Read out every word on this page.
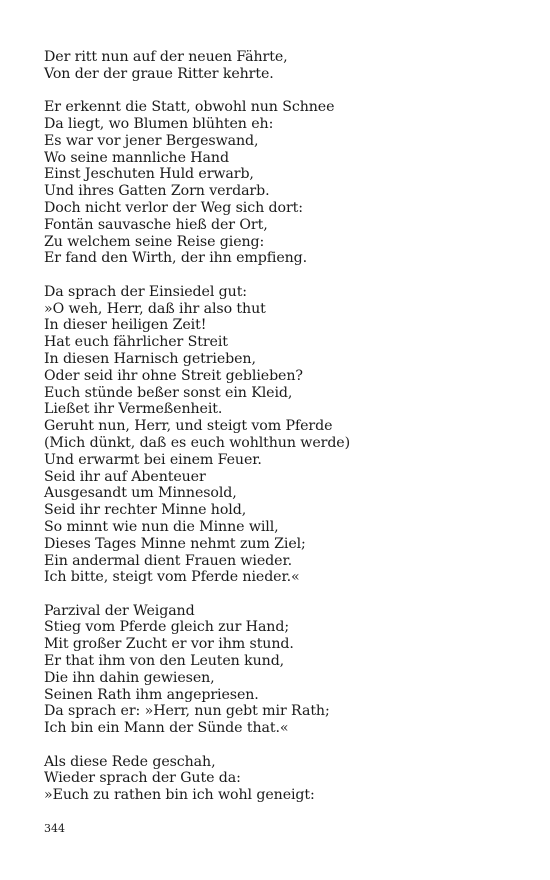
Der ritt nun auf der neuen Fährte,
Von der der graue Ritter kehrte.
Er erkennt die Statt, obwohl nun Schnee
Da liegt, wo Blumen blühten eh:
Es war vor jener Bergeswand,
Wo seine mannliche Hand
Einst Jeschuten Huld erwarb,
Und ihres Gatten Zorn verdarb.
Doch nicht verlor der Weg sich dort:
Fontän sauvasche hieß der Ort,
Zu welchem seine Reise gieng:
Er fand den Wirth, der ihn empfieng.
Da sprach der Einsiedel gut:
»O weh, Herr, daß ihr also thut
In dieser heiligen Zeit!
Hat euch fährlicher Streit
In diesen Harnisch getrieben,
Oder seid ihr ohne Streit geblieben?
Euch stünde beßer sonst ein Kleid,
Ließet ihr Vermeßenheit.
Geruht nun, Herr, und steigt vom Pferde
(Mich dünkt, daß es euch wohlthun werde)
Und erwarmt bei einem Feuer.
Seid ihr auf Abenteuer
Ausgesandt um Minnesold,
Seid ihr rechter Minne hold,
So minnt wie nun die Minne will,
Dieses Tages Minne nehmt zum Ziel;
Ein andermal dient Frauen wieder.
Ich bitte, steigt vom Pferde nieder.«
Parzival der Weigand
Stieg vom Pferde gleich zur Hand;
Mit großer Zucht er vor ihm stund.
Er that ihm von den Leuten kund,
Die ihn dahin gewiesen,
Seinen Rath ihm angepriesen.
Da sprach er: »Herr, nun gebt mir Rath;
Ich bin ein Mann der Sünde that.«
Als diese Rede geschah,
Wieder sprach der Gute da:
»Euch zu rathen bin ich wohl geneigt:
344
